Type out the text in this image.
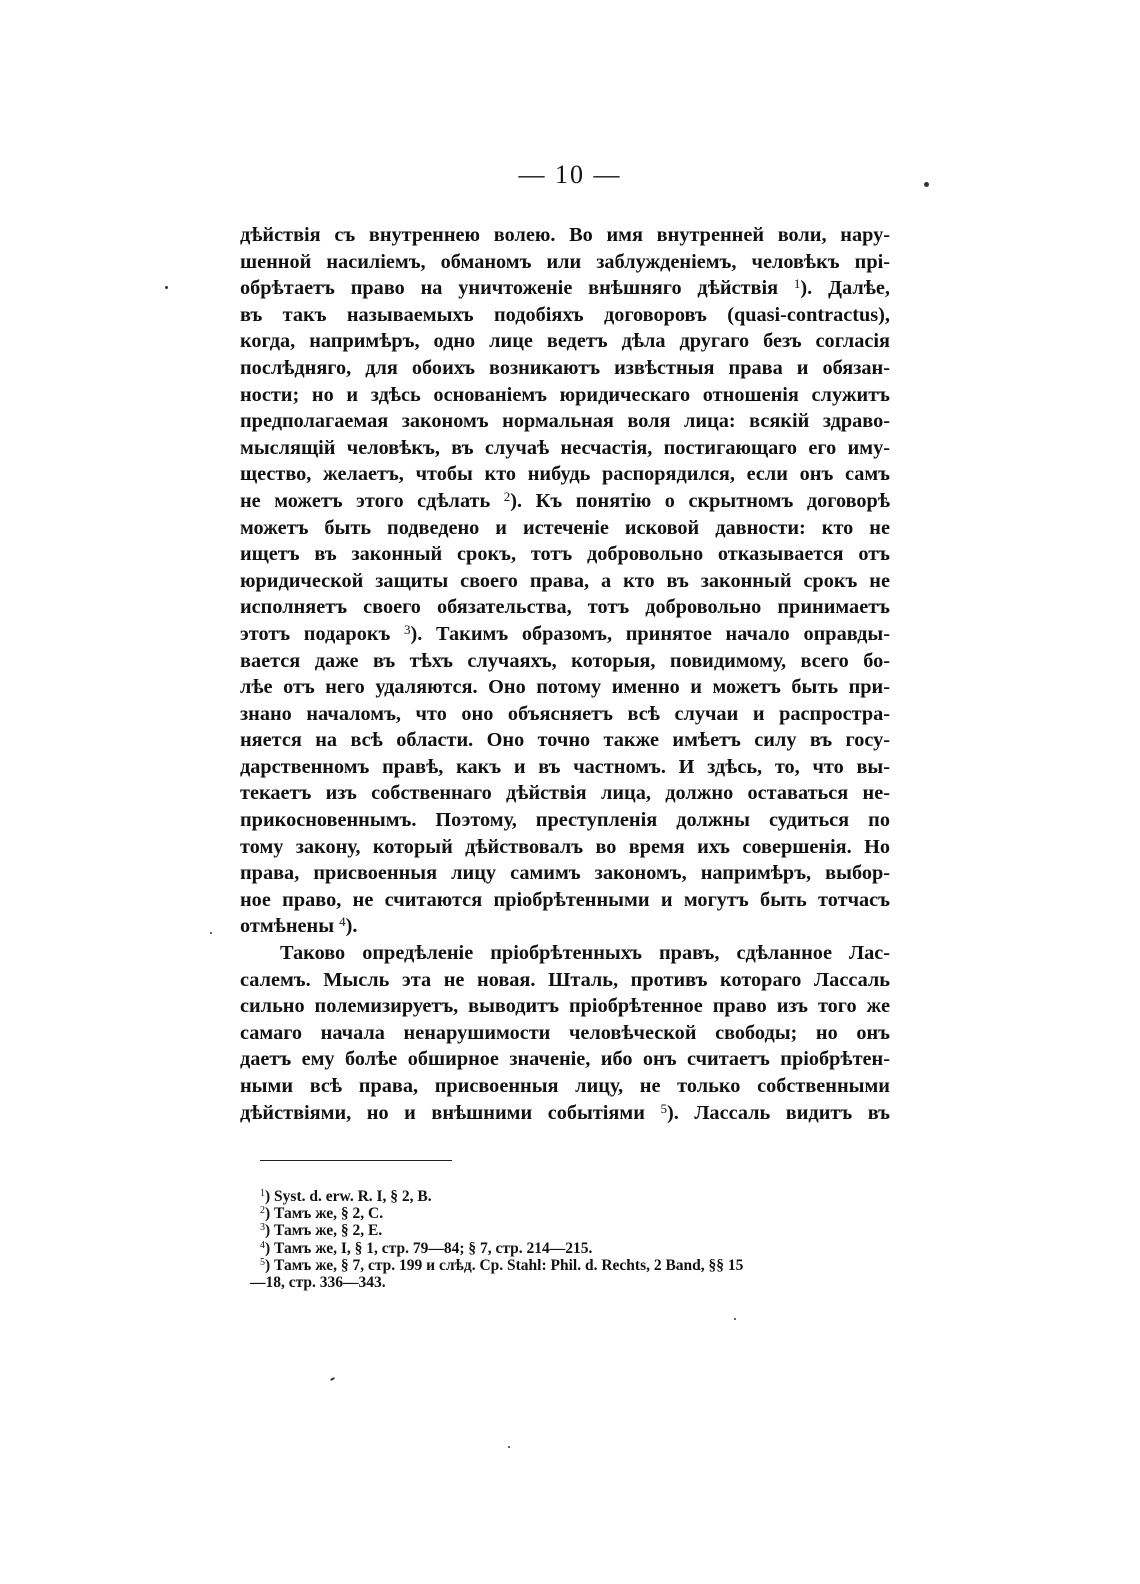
— 10 —

дѣйствія съ внутреннею волею. Во имя внутренней воли, нару-
шенной насиліемъ, обманомъ или заблужденіемъ, человѣкъ прі-
обрѣтаетъ право на уничтоженіе внѣшняго дѣйствія $^1$). Далѣе,
въ такъ называемыхъ подобіяхъ договоровъ (quasi-contractus),
когда, напримѣръ, одно лице ведетъ дѣла другаго безъ согласія
послѣдняго, для обоихъ возникаютъ извѣстныя права и обязан-
ности; но и здѣсь основаніемъ юридическаго отношенія служитъ
предполагаемая закономъ нормальная воля лица: всякій здраво-
мыслящій человѣкъ, въ случаѣ несчастія, постигающаго его иму-
щество, желаетъ, чтобы кто нибудь распорядился, если онъ самъ
не можетъ этого сдѣлать $^2$). Къ понятію о скрытномъ договорѣ
можетъ быть подведено и истеченіе исковой давности: кто не
ищетъ въ законный срокъ, тотъ добровольно отказывается отъ
юридической защиты своего права, а кто въ законный срокъ не
исполняетъ своего обязательства, тотъ добровольно принимаетъ
этотъ подарокъ $^3$). Такимъ образомъ, принятое начало оправды-
вается даже въ тѣхъ случаяхъ, которыя, повидимому, всего бо-
лѣе отъ него удаляются. Оно потому именно и можетъ быть при-
знано началомъ, что оно объясняетъ всѣ случаи и распростра-
няется на всѣ области. Оно точно также имѣетъ силу въ госу-
дарственномъ правѣ, какъ и въ частномъ. И здѣсь, то, что вы-
текаетъ изъ собственнаго дѣйствія лица, должно оставаться не-
прикосновеннымъ. Поэтому, преступленія должны судиться по
тому закону, который дѣйствовалъ во время ихъ совершенія. Но
права, присвоенныя лицу самимъ закономъ, напримѣръ, выбор-
ное право, не считаются пріобрѣтенными и могутъ быть тотчасъ
отмѣнены $^4$).

Таково опредѣленіе пріобрѣтенныхъ правъ, сдѣланное Лас-
салемъ. Мысль эта не новая. Шталь, противъ котораго Лассаль
сильно полемизируетъ, выводитъ пріобрѣтенное право изъ того же
самаго начала ненарушимости человѣческой свободы; но онъ
даетъ ему болѣе обширное значеніе, ибо онъ считаетъ пріобрѣтен-
ными всѣ права, присвоенныя лицу, не только собственными
дѣйствіями, но и внѣшними событіями $^5$). Лассаль видитъ въ

$^1$) Syst. d. erw. R. I, § 2, B.
$^2$) Тамъ же, § 2, C.
$^3$) Тамъ же, § 2, E.
$^4$) Тамъ же, I, § 1, стр. 79—84; § 7, стр. 214—215.
$^5$) Тамъ же, § 7, стр. 199 и слѣд. Ср. Stahl: Phil. d. Rechts, 2 Band, §§ 15
—18, стр. 336—343.
